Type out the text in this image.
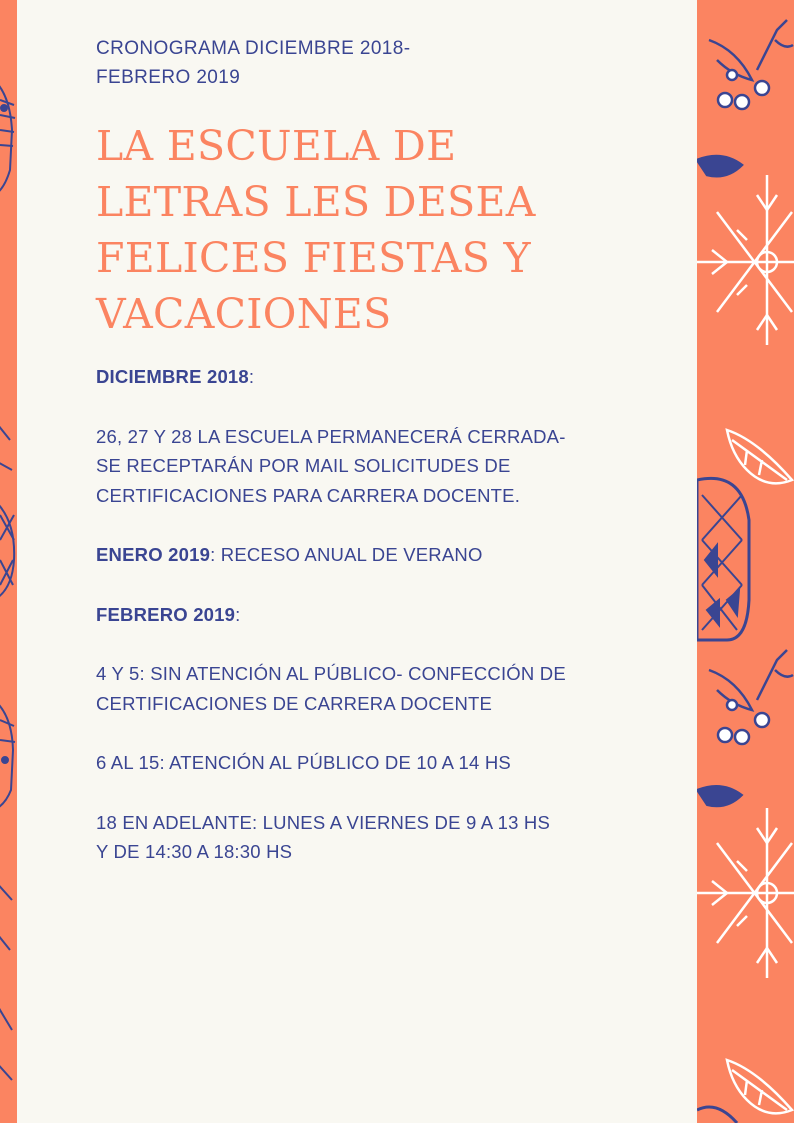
CRONOGRAMA DICIEMBRE 2018-
FEBRERO 2019

LA ESCUELA DE
LETRAS LES DESEA
FELICES FIESTAS Y
VACACIONES

DICIEMBRE 2018:

26, 27 Y 28 LA ESCUELA PERMANECERÁ CERRADA- SE RECEPTARÁN POR MAIL SOLICITUDES DE CERTIFICACIONES PARA CARRERA DOCENTE.

ENERO 2019: RECESO ANUAL DE VERANO

FEBRERO 2019:

4 Y 5: SIN ATENCIÓN AL PÚBLICO- CONFECCIÓN DE CERTIFICACIONES DE CARRERA DOCENTE

6 AL 15: ATENCIÓN AL PÚBLICO DE 10 A 14 HS

18 EN ADELANTE: LUNES A VIERNES DE 9 A 13 HS Y DE 14:30 A 18:30 HS
